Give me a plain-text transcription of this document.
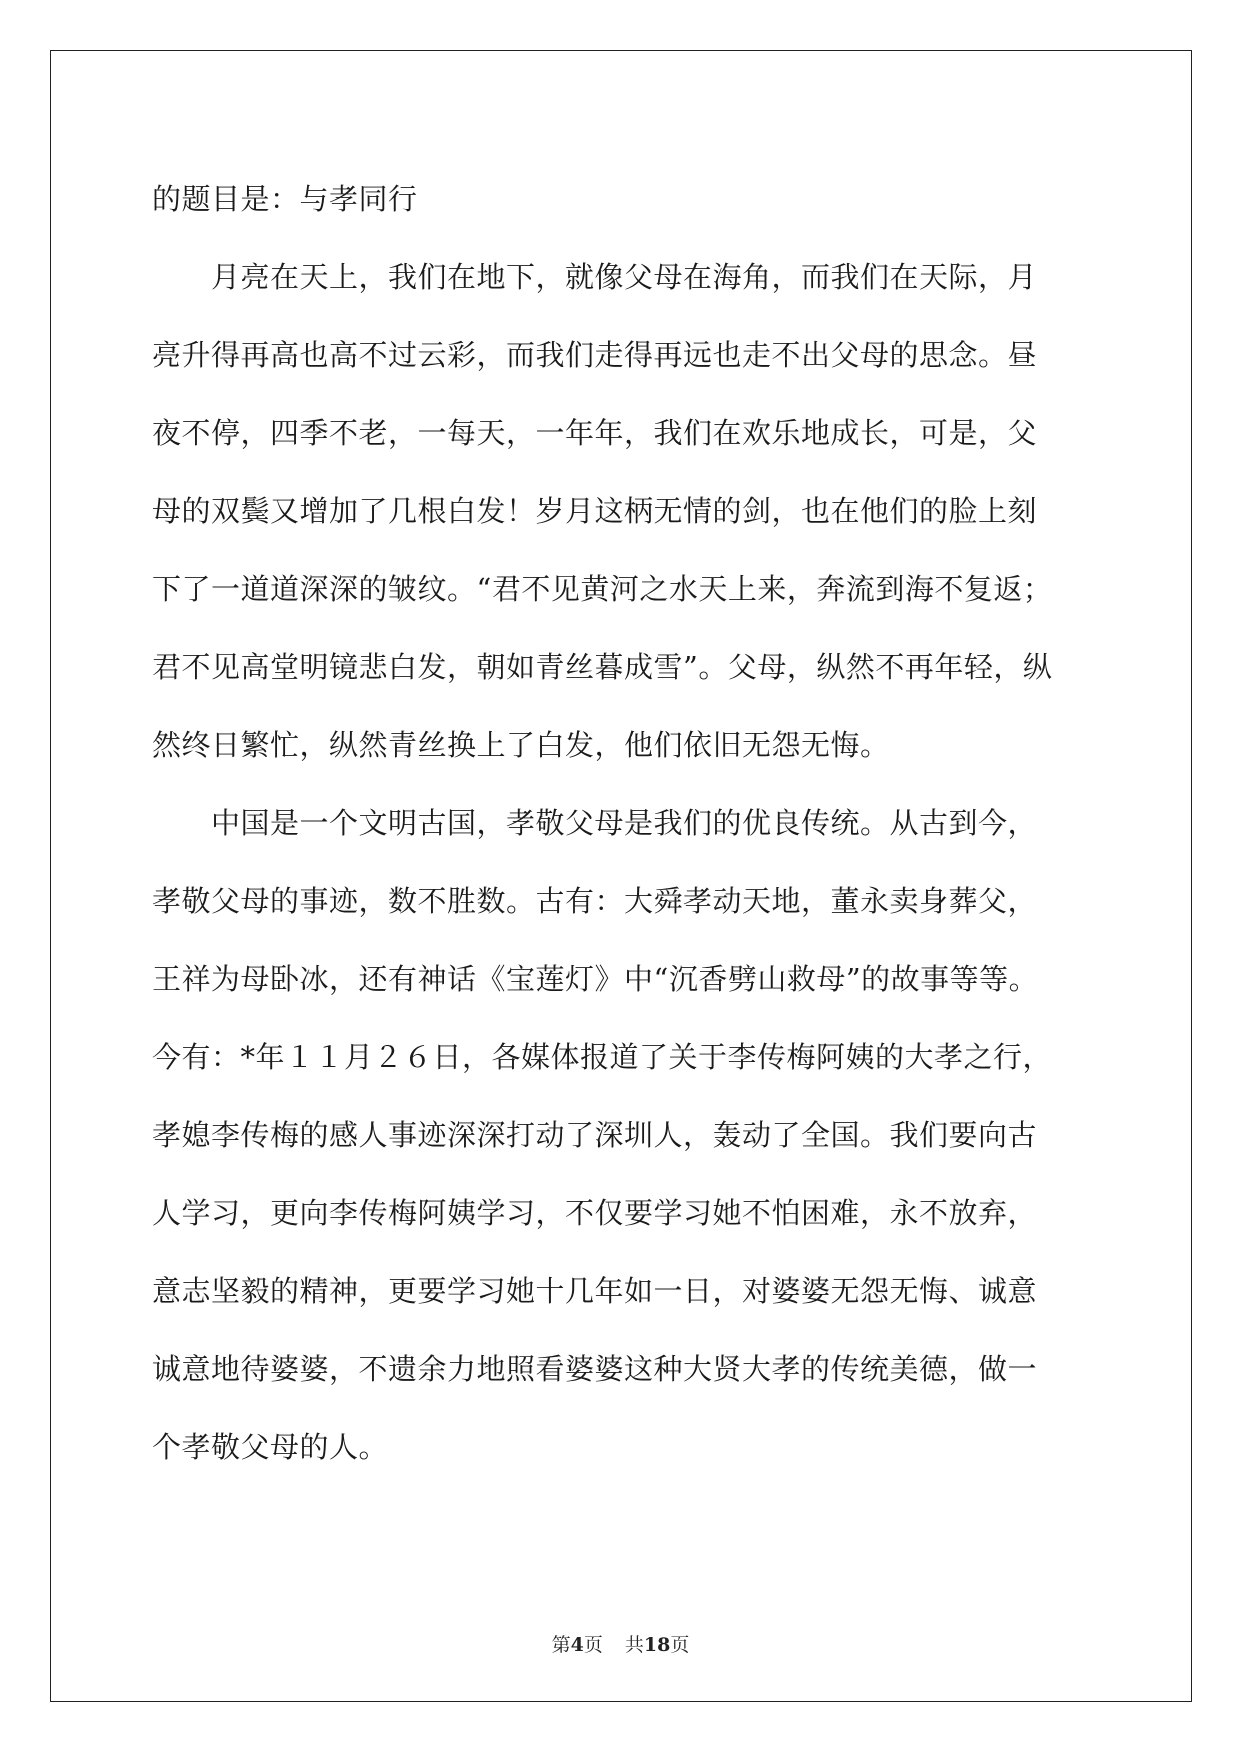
的题目是：与孝同行
　　月亮在天上，我们在地下，就像父母在海角，而我们在天际，月
亮升得再高也高不过云彩，而我们走得再远也走不出父母的思念。昼
夜不停，四季不老，一每天，一年年，我们在欢乐地成长，可是，父
母的双鬓又增加了几根白发！岁月这柄无情的剑，也在他们的脸上刻
下了一道道深深的皱纹。“君不见黄河之水天上来，奔流到海不复返；
君不见高堂明镜悲白发，朝如青丝暮成雪”。父母，纵然不再年轻，纵
然终日繁忙，纵然青丝换上了白发，他们依旧无怨无悔。
　　中国是一个文明古国，孝敬父母是我们的优良传统。从古到今，
孝敬父母的事迹，数不胜数。古有：大舜孝动天地，董永卖身葬父，
王祥为母卧冰，还有神话《宝莲灯》中“沉香劈山救母”的故事等等。
今有：*年１１月２６日，各媒体报道了关于李传梅阿姨的大孝之行，
孝媳李传梅的感人事迹深深打动了深圳人，轰动了全国。我们要向古
人学习，更向李传梅阿姨学习，不仅要学习她不怕困难，永不放弃，
意志坚毅的精神，更要学习她十几年如一日，对婆婆无怨无悔、诚意
诚意地待婆婆，不遗余力地照看婆婆这种大贤大孝的传统美德，做一
个孝敬父母的人。
第4页 共18页
